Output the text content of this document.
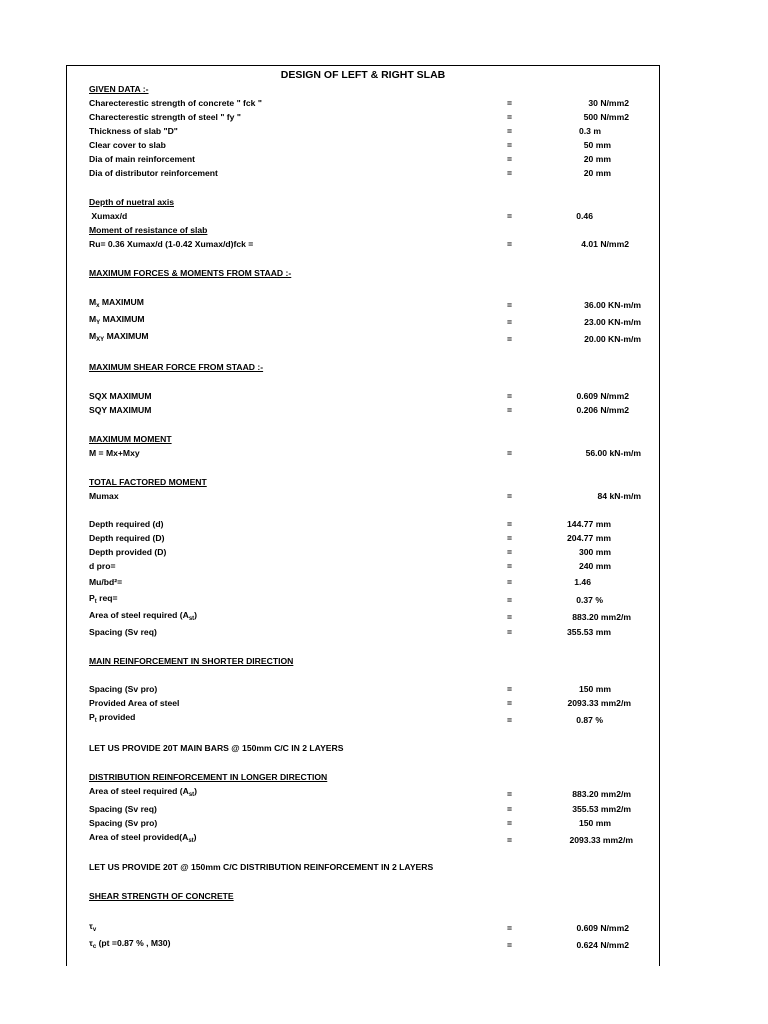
DESIGN OF LEFT & RIGHT SLAB
GIVEN DATA :-
Charecterestic strength of concrete " fck "	=	30 N/mm2
Charecterestic strength of steel " fy "	=	500 N/mm2
Thickness of slab "D"	=	0.3 m
Clear cover to slab	=	50 mm
Dia of main reinforcement	=	20 mm
Dia of distributor reinforcement	=	20 mm
Depth of nuetral axis
Xumax/d	=	0.46
Moment of resistance of slab
Ru= 0.36 Xumax/d (1-0.42 Xumax/d)fck =	=	4.01 N/mm2
MAXIMUM FORCES & MOMENTS FROM STAAD :-
$M_x$ MAXIMUM	=	36.00 KN-m/m
$M_Y$ MAXIMUM	=	23.00 KN-m/m
$M_{XY}$ MAXIMUM	=	20.00 KN-m/m
MAXIMUM SHEAR FORCE FROM STAAD :-
SQX MAXIMUM	=	0.609 N/mm2
SQY MAXIMUM	=	0.206 N/mm2
MAXIMUM MOMENT
M = Mx+Mxy	=	56.00 kN-m/m
TOTAL FACTORED MOMENT
Mumax	=	84 kN-m/m
Depth required (d)	=	144.77 mm
Depth required (D)	=	204.77 mm
Depth provided (D)	=	300 mm
d pro=	=	240 mm
Mu/bd²=	=	1.46
$P_t$ req=	=	0.37 %
Area of steel required $(A_{st})$	=	883.20 mm2/m
Spacing (Sv req)	=	355.53 mm
MAIN REINFORCEMENT IN SHORTER DIRECTION
Spacing (Sv pro)	=	150 mm
Provided Area of steel	=	2093.33 mm2/m
$P_t$ provided	=	0.87 %
LET US PROVIDE 20T MAIN BARS @ 150mm C/C IN 2 LAYERS
DISTRIBUTION REINFORCEMENT IN LONGER DIRECTION
Area of steel required $(A_{st})$	=	883.20 mm2/m
Spacing (Sv req)	=	355.53 mm2/m
Spacing (Sv pro)	=	150 mm
Area of steel $provided(A_{st})$	=	2093.33 mm2/m
LET US PROVIDE 20T @ 150mm C/C DISTRIBUTION REINFORCEMENT IN 2 LAYERS
SHEAR STRENGTH OF CONCRETE
$\tau_v$	=	0.609 N/mm2
$\tau_c$ (pt =0.87 % , M30)	=	0.624 N/mm2
